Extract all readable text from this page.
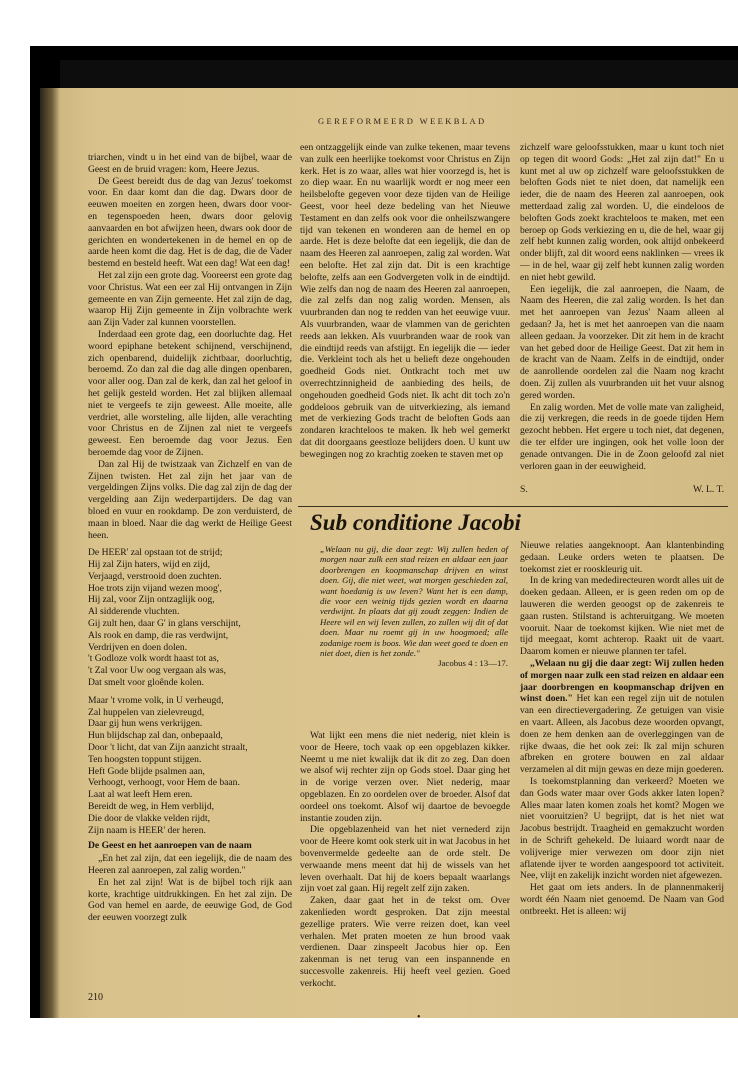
GEREFORMEERD WEEKBLAD

triarchen, vindt u in het eind van de bijbel, waar de Geest en de bruid vragen: kom, Heere Jezus.

De Geest bereidt dus de dag van Jezus' toekomst voor. En daar komt dan die dag. Dwars door de eeuwen moeiten en zorgen heen, dwars door voor- en tegenspoeden heen, dwars door gelovig aanvaarden en bot afwijzen heen, dwars ook door de gerichten en wondertekenen in de hemel en op de aarde heen komt die dag. Het is de dag, die de Vader bestemd en besteld heeft. Wat een dag! Wat een dag!

Het zal zijn een grote dag. Vooreerst een grote dag voor Christus. Wat een eer zal Hij ontvangen in Zijn gemeente en van Zijn gemeente. Het zal zijn de dag, waarop Hij Zijn gemeente in Zijn volbrachte werk aan Zijn Vader zal kunnen voorstellen.

Inderdaad een grote dag, een doorluchte dag. Het woord epiphane betekent schijnend, verschijnend, zich openbarend, duidelijk zichtbaar, doorluchtig, beroemd. Zo dan zal die dag alle dingen openbaren, voor aller oog. Dan zal de kerk, dan zal het geloof in het gelijk gesteld worden. Het zal blijken allemaal niet te vergeefs te zijn geweest. Alle moeite, alle verdriet, alle worsteling, alle lijden, alle verachting voor Christus en de Zijnen zal niet te vergeefs geweest. Een beroemde dag voor Jezus. Een beroemde dag voor de Zijnen.

Dan zal Hij de twistzaak van Zichzelf en van de Zijnen twisten. Het zal zijn het jaar van de vergeldingen Zijns volks. Die dag zal zijn de dag der vergelding aan Zijn wederpartijders. De dag van bloed en vuur en rookdamp. De zon verduisterd, de maan in bloed. Naar die dag werkt de Heilige Geest heen.

De HEER' zal opstaan tot de strijd;
Hij zal Zijn haters, wijd en zijd,
Verjaagd, verstrooid doen zuchten.
Hoe trots zijn vijand wezen moog',
Hij zal, voor Zijn ontzaglijk oog,
Al sidderende vluchten.
Gij zult hen, daar G' in glans verschijnt,
Als rook en damp, die ras verdwijnt,
Verdrijven en doen dolen.
't Godloze volk wordt haast tot as,
't Zal voor Uw oog vergaan als was,
Dat smelt voor gloênde kolen.

Maar 't vrome volk, in U verheugd,
Zal huppelen van zielevreugd,
Daar gij hun wens verkrijgen.
Hun blijdschap zal dan, onbepaald,
Door 't licht, dat van Zijn aanzicht straalt,
Ten hoogsten toppunt stijgen.
Heft Gode blijde psalmen aan,
Verhoogt, verhoogt, voor Hem de baan.
Laat al wat leeft Hem eren.
Bereidt de weg, in Hem verblijd,
Die door de vlakke velden rijdt,
Zijn naam is HEER' der heren.

De Geest en het aanroepen van de naam

„En het zal zijn, dat een iegelijk, die de naam des Heeren zal aanroepen, zal zalig worden."

En het zal zijn! Wat is de bijbel toch rijk aan korte, krachtige uitdrukkingen. En het zal zijn. De God van hemel en aarde, de eeuwige God, de God der eeuwen voorzegt zulk

een ontzaggelijk einde van zulke tekenen, maar tevens van zulk een heerlijke toekomst voor Christus en Zijn kerk. Het is zo waar, alles wat hier voorzegd is, het is zo diep waar. En nu waarlijk wordt er nog meer een heilsbelofte gegeven voor deze tijden van de Heilige Geest, voor heel deze bedeling van het Nieuwe Testament en dan zelfs ook voor die onheilszwangere tijd van tekenen en wonderen aan de hemel en op aarde. Het is deze belofte dat een iegelijk, die dan de naam des Heeren zal aanroepen, zalig zal worden. Wat een belofte. Het zal zijn dat. Dit is een krachtige belofte, zelfs aan een Godvergeten volk in de eindtijd. Wie zelfs dan nog de naam des Heeren zal aanroepen, die zal zelfs dan nog zalig worden. Mensen, als vuurbranden dan nog te redden van het eeuwige vuur. Als vuurbranden, waar de vlammen van de gerichten reeds aan lekken. Als vuurbranden waar de rook van die eindtijd reeds van afstijgt. En iegelijk die — ieder die. Verkleint toch als het u belieft deze ongehouden goedheid Gods niet. Ontkracht toch met uw overrechtzinnigheid de aanbieding des heils, de ongehouden goedheid Gods niet. Ik acht dit toch zo'n goddeloos gebruik van de uitverkiezing, als iemand met de verkiezing Gods tracht de beloften Gods aan zondaren krachteloos te maken. Ik heb wel gemerkt dat dit doorgaans geestloze belijders doen. U kunt uw bewegingen nog zo krachtig zoeken te staven met op

zichzelf ware geloofsstukken, maar u kunt toch niet op tegen dit woord Gods: „Het zal zijn dat!" En u kunt met al uw op zichzelf ware geloofsstukken de beloften Gods niet te niet doen, dat namelijk een ieder, die de naam des Heeren zal aanroepen, ook metterdaad zalig zal worden. U, die eindeloos de beloften Gods zoekt krachteloos te maken, met een beroep op Gods verkiezing en u, die de hel, waar gij zelf hebt kunnen zalig worden, ook altijd onbekeerd onder blijft, zal dit woord eens naklinken — vrees ik — in de hel, waar gij zelf hebt kunnen zalig worden en niet hebt gewild.

Een iegelijk, die zal aanroepen, die Naam, de Naam des Heeren, die zal zalig worden. Is het dan met het aanroepen van Jezus' Naam alleen al gedaan? Ja, het is met het aanroepen van die naam alleen gedaan. Ja voorzeker. Dit zit hem in de kracht van het gebed door de Heilige Geest. Dat zit hem in de kracht van de Naam. Zelfs in de eindtijd, onder de aanrollende oordelen zal die Naam nog kracht doen. Zij zullen als vuurbranden uit het vuur alsnog gered worden.

En zalig worden. Met de volle mate van zaligheid, die zij verkregen, die reeds in de goede tijden Hem gezocht hebben. Het ergere u toch niet, dat degenen, die ter elfder ure ingingen, ook het volle loon der genade ontvangen. Die in de Zoon geloofd zal niet verloren gaan in der eeuwigheid.

S.	W. L. T.
Sub conditione Jacobi
„Welaan nu gij, die daar zegt: Wij zullen heden of morgen naar zulk een stad reizen en aldaar een jaar doorbrengen en koopmanschap drijven en winst doen. Gij, die niet weet, wat morgen geschieden zal, want hoedanig is uw leven? Want het is een damp, die voor een weinig tijds gezien wordt en daarna verdwijnt. In plaats dat gij zoudt zeggen: Indien de Heere wil en wij leven zullen, zo zullen wij dit of dat doen. Maar nu roemt gij in uw hoogmoed; alle zodanige roem is boos. Wie dan weet goed te doen en niet doet, dien is het zonde."
Jacobus 4 : 13—17.

Wat lijkt een mens die niet nederig, niet klein is voor de Heere, toch vaak op een opgeblazen kikker. Neemt u me niet kwalijk dat ik dit zo zeg. Dan doen we alsof wij rechter zijn op Gods stoel. Daar ging het in de vorige verzen over. Niet nederig, maar opgeblazen. En zo oordelen over de broeder. Alsof dat oordeel ons toekomt. Alsof wij daartoe de bevoegde instantie zouden zijn.

Die opgeblazenheid van het niet vernederd zijn voor de Heere komt ook sterk uit in wat Jacobus in het bovenvermelde gedeelte aan de orde stelt. De verwaande mens meent dat hij de wissels van het leven overhaalt. Dat hij de koers bepaalt waarlangs zijn voet zal gaan. Hij regelt zelf zijn zaken.

Zaken, daar gaat het in de tekst om. Over zakenlieden wordt gesproken. Dat zijn meestal gezellige praters. Wie verre reizen doet, kan veel verhalen. Met praten moeten ze hun brood vaak verdienen. Daar zinspeelt Jacobus hier op. Een zakenman is net terug van een inspannende en succesvolle zakenreis. Hij heeft veel gezien. Goed verkocht.

Nieuwe relaties aangeknoopt. Aan klantenbinding gedaan. Leuke orders weten te plaatsen. De toekomst ziet er rooskleurig uit.

In de kring van mededirecteuren wordt alles uit de doeken gedaan. Alleen, er is geen reden om op de lauweren die werden geoogst op de zakenreis te gaan rusten. Stilstand is achteruitgang. We moeten vooruit. Naar de toekomst kijken. Wie niet met de tijd meegaat, komt achterop. Raakt uit de vaart. Daarom komen er nieuwe plannen ter tafel.

„Welaan nu gij die daar zegt: Wij zullen heden of morgen naar zulk een stad reizen en aldaar een jaar doorbrengen en koopmanschap drijven en winst doen." Het kan een regel zijn uit de notulen van een directievergadering. Ze getuigen van visie en vaart. Alleen, als Jacobus deze woorden opvangt, doen ze hem denken aan de overleggingen van de rijke dwaas, die het ook zei: Ik zal mijn schuren afbreken en grotere bouwen en zal aldaar verzamelen al dit mijn gewas en deze mijn goederen.

Is toekomstplanning dan verkeerd? Moeten we dan Gods water maar over Gods akker laten lopen? Alles maar laten komen zoals het komt? Mogen we niet vooruitzien? U begrijpt, dat is het niet wat Jacobus bestrijdt. Traagheid en gemakzucht worden in de Schrift gehekeld. De luiaard wordt naar de volijverige mier verwezen om door zijn niet aflatende ijver te worden aangespoord tot activiteit. Nee, vlijt en zakelijk inzicht worden niet afgewezen.

Het gaat om iets anders. In de plannenmakerij wordt één Naam niet genoemd. De Naam van God ontbreekt. Het is alleen: wij

210
•
